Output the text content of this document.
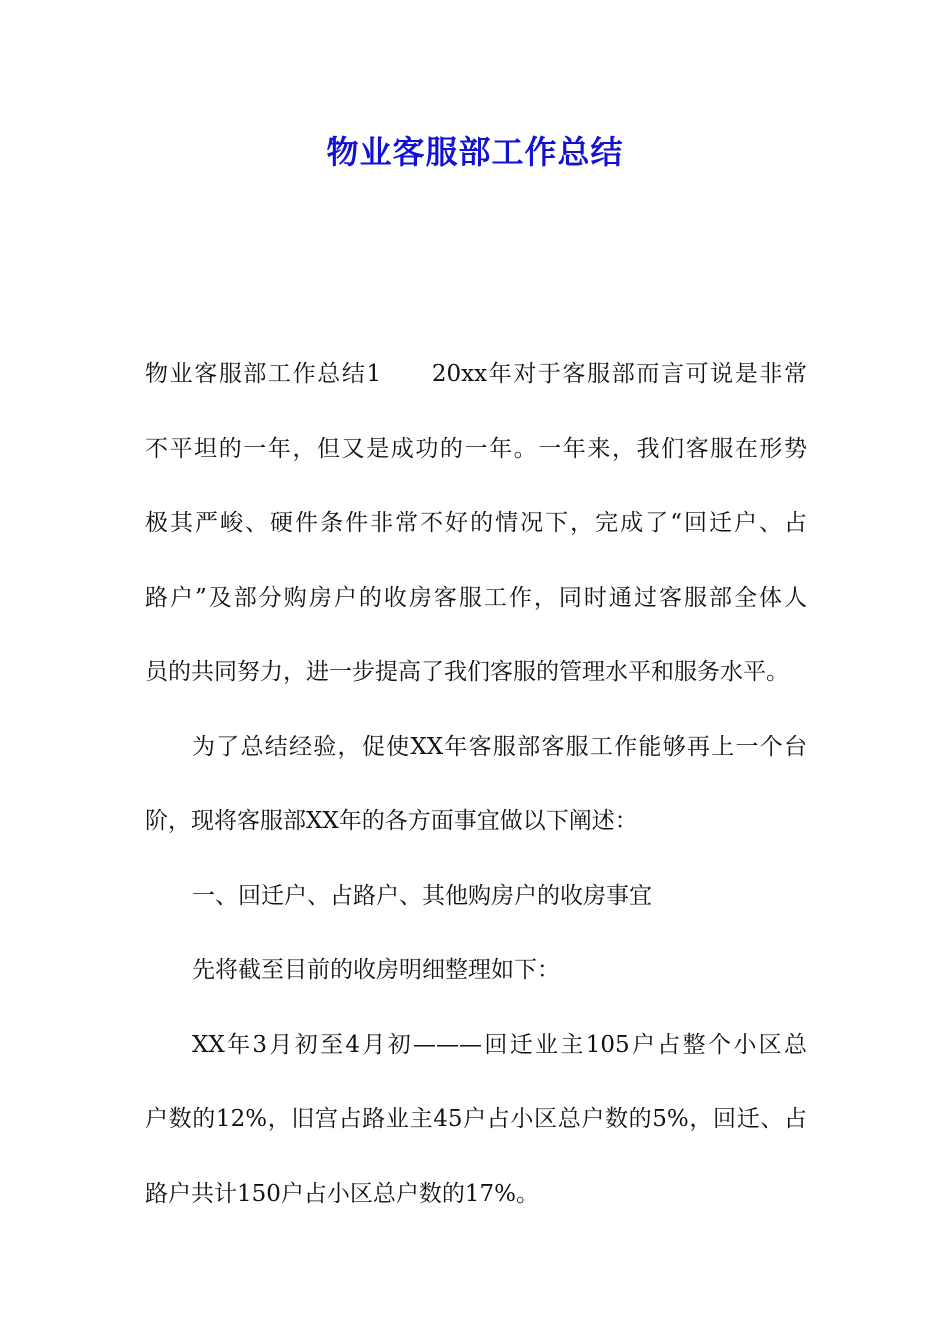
物业客服部工作总结
物业客服部工作总结1　　20xx年对于客服部而言可说是非常
不平坦的一年，但又是成功的一年。一年来，我们客服在形势
极其严峻、硬件条件非常不好的情况下，完成了“回迁户、占
路户”及部分购房户的收房客服工作，同时通过客服部全体人
员的共同努力，进一步提高了我们客服的管理水平和服务水平。
为了总结经验，促使XX年客服部客服工作能够再上一个台
阶，现将客服部XX年的各方面事宜做以下阐述：
一、回迁户、占路户、其他购房户的收房事宜
先将截至目前的收房明细整理如下：
XX年3月初至4月初———回迁业主105户占整个小区总
户数的12%，旧宫占路业主45户占小区总户数的5%，回迁、占
路户共计150户占小区总户数的17%。
